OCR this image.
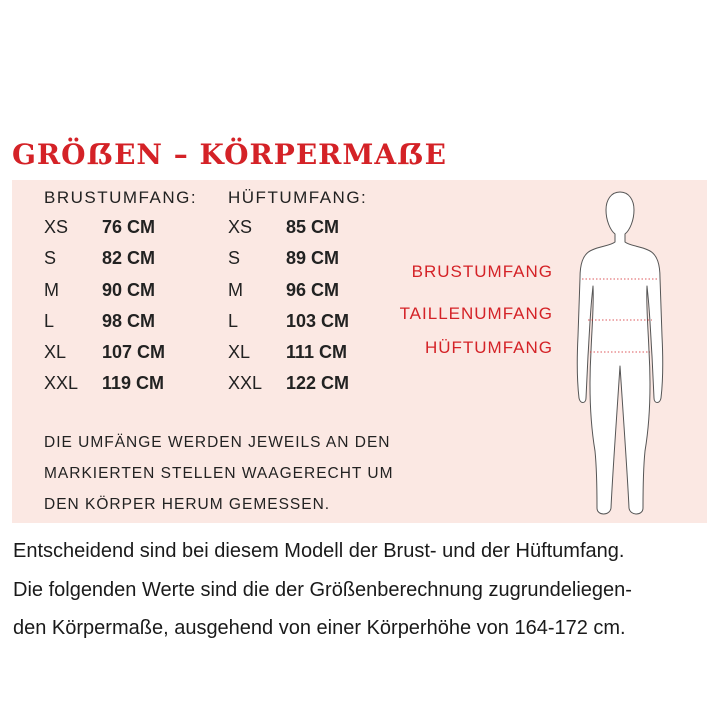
GRÖẞEN – KÖRPERMAẞE
BRUSTUMFANG: HÜFTUMFANG:
XS 76 CM	XS 85 CM
S	82 CM	S	89 CM
M 90 CM	M 96 CM
L	98 CM	L	103 CM
XL 107 CM	XL 111 CM
XXL 119 CM	XXL 122 CM
DIE UMFÄNGE WERDEN JEWEILS AN DEN
MARKIERTEN STELLEN WAAGERECHT UM
DEN KÖRPER HERUM GEMESSEN.
BRUSTUMFANG
TAILLENUMFANG
HÜFTUMFANG
Entscheidend sind bei diesem Modell der Brust- und der Hüftumfang.
Die folgenden Werte sind die der Größenberechnung zugrundeliegen-
den Körpermaße, ausgehend von einer Körperhöhe von 164-172 cm.
